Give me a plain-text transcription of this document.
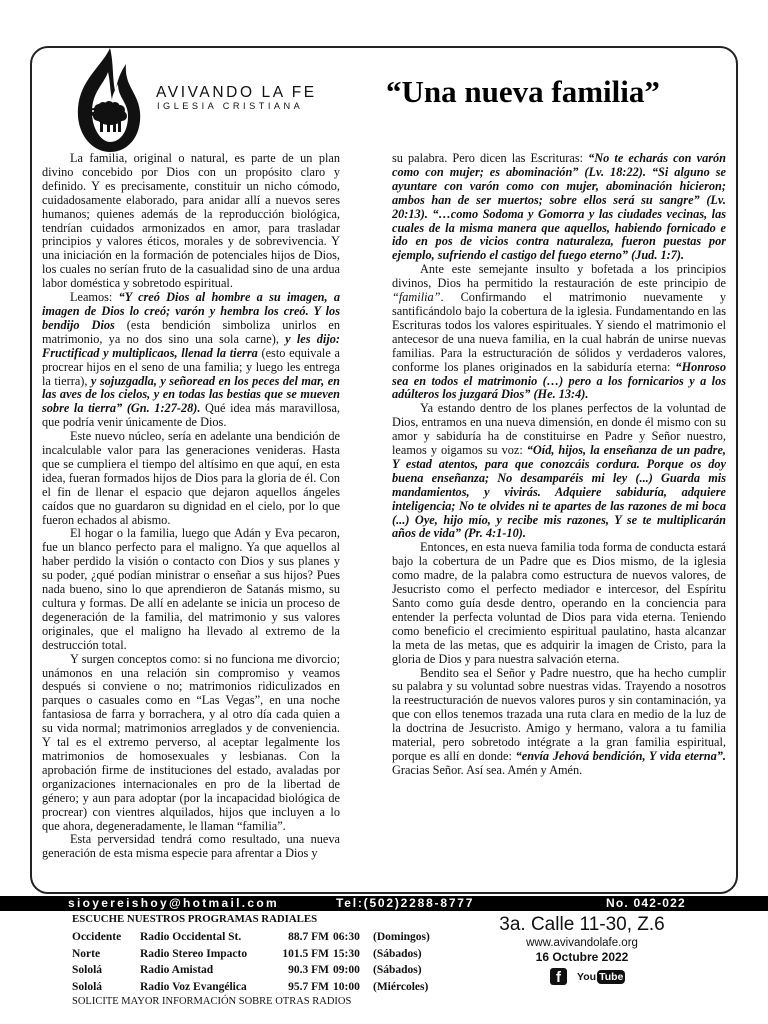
AVIVANDO LA FE
IGLESIA CRISTIANA	“Una nueva familia”

La familia, original o natural, es parte de un plan divino concebido por Dios con un propósito claro y definido. Y es precisamente, constituir un nicho cómodo, cuidadosamente elaborado, para anidar allí a nuevos seres humanos; quienes además de la reproducción biológica, tendrían cuidados armonizados en amor, para trasladar principios y valores éticos, morales y de sobrevivencia. Y una iniciación en la formación de potenciales hijos de Dios, los cuales no serían fruto de la casualidad sino de una ardua labor doméstica y sobretodo espiritual.

Leamos: “Y creó Dios al hombre a su imagen, a imagen de Dios lo creó; varón y hembra los creó. Y los bendijo Dios (esta bendición simboliza unirlos en matrimonio, ya no dos sino una sola carne), y les dijo: Fructificad y multiplicaos, llenad la tierra (esto equivale a procrear hijos en el seno de una familia; y luego les entrega la tierra), y sojuzgadla, y señoread en los peces del mar, en las aves de los cielos, y en todas las bestias que se mueven sobre la tierra” (Gn. 1:27-28). Qué idea más maravillosa, que podría venir únicamente de Dios.

Este nuevo núcleo, sería en adelante una bendición de incalculable valor para las generaciones venideras. Hasta que se cumpliera el tiempo del altísimo en que aquí, en esta idea, fueran formados hijos de Dios para la gloria de él. Con el fin de llenar el espacio que dejaron aquellos ángeles caídos que no guardaron su dignidad en el cielo, por lo que fueron echados al abismo.

El hogar o la familia, luego que Adán y Eva pecaron, fue un blanco perfecto para el maligno. Ya que aquellos al haber perdido la visión o contacto con Dios y sus planes y su poder, ¿qué podían ministrar o enseñar a sus hijos? Pues nada bueno, sino lo que aprendieron de Satanás mismo, su cultura y formas. De allí en adelante se inicia un proceso de degeneración de la familia, del matrimonio y sus valores originales, que el maligno ha llevado al extremo de la destrucción total.

Y surgen conceptos como: si no funciona me divorcio; unámonos en una relación sin compromiso y veamos después si conviene o no; matrimonios ridiculizados en parques o casuales como en “Las Vegas”, en una noche fantasiosa de farra y borrachera, y al otro día cada quien a su vida normal; matrimonios arreglados y de conveniencia. Y tal es el extremo perverso, al aceptar legalmente los matrimonios de homosexuales y lesbianas. Con la aprobación firme de instituciones del estado, avaladas por organizaciones internacionales en pro de la libertad de género; y aun para adoptar (por la incapacidad biológica de procrear) con vientres alquilados, hijos que incluyen a lo que ahora, degeneradamente, le llaman “familia”.

Esta perversidad tendrá como resultado, una nueva generación de esta misma especie para afrentar a Dios y

su palabra. Pero dicen las Escrituras: “No te echarás con varón como con mujer; es abominación” (Lv. 18:22). “Si alguno se ayuntare con varón como con mujer, abominación hicieron; ambos han de ser muertos; sobre ellos será su sangre” (Lv. 20:13). “…como Sodoma y Gomorra y las ciudades vecinas, las cuales de la misma manera que aquellos, habiendo fornicado e ido en pos de vicios contra naturaleza, fueron puestas por ejemplo, sufriendo el castigo del fuego eterno” (Jud. 1:7).

Ante este semejante insulto y bofetada a los principios divinos, Dios ha permitido la restauración de este principio de “familia”. Confirmando el matrimonio nuevamente y santificándolo bajo la cobertura de la iglesia. Fundamentando en las Escrituras todos los valores espirituales. Y siendo el matrimonio el antecesor de una nueva familia, en la cual habrán de unirse nuevas familias. Para la estructuración de sólidos y verdaderos valores, conforme los planes originados en la sabiduría eterna: “Honroso sea en todos el matrimonio (…) pero a los fornicarios y a los adúlteros los juzgará Dios” (He. 13:4).

Ya estando dentro de los planes perfectos de la voluntad de Dios, entramos en una nueva dimensión, en donde él mismo con su amor y sabiduría ha de constituirse en Padre y Señor nuestro, leamos y oigamos su voz: “Oíd, hijos, la enseñanza de un padre, Y estad atentos, para que conozcáis cordura. Porque os doy buena enseñanza; No desamparéis mi ley (...) Guarda mis mandamientos, y vivirás. Adquiere sabiduría, adquiere inteligencia; No te olvides ni te apartes de las razones de mi boca (...) Oye, hijo mío, y recibe mis razones, Y se te multiplicarán años de vida” (Pr. 4:1-10).

Entonces, en esta nueva familia toda forma de conducta estará bajo la cobertura de un Padre que es Dios mismo, de la iglesia como madre, de la palabra como estructura de nuevos valores, de Jesucristo como el perfecto mediador e intercesor, del Espíritu Santo como guía desde dentro, operando en la conciencia para entender la perfecta voluntad de Dios para vida eterna. Teniendo como beneficio el crecimiento espiritual paulatino, hasta alcanzar la meta de las metas, que es adquirir la imagen de Cristo, para la gloria de Dios y para nuestra salvación eterna.

Bendito sea el Señor y Padre nuestro, que ha hecho cumplir su palabra y su voluntad sobre nuestras vidas. Trayendo a nosotros la reestructuración de nuevos valores puros y sin contaminación, ya que con ellos tenemos trazada una ruta clara en medio de la luz de la doctrina de Jesucristo. Amigo y hermano, valora a tu familia material, pero sobretodo intégrate a la gran familia espiritual, porque es allí en donde: “envía Jehová bendición, Y vida eterna”. Gracias Señor. Así sea. Amén y Amén.

sioyereishoy@hotmail.com	Tel:(502)2288-8777	No. 042-022
ESCUCHE NUESTROS PROGRAMAS RADIALES
Occidente	Radio Occidental St.	88.7 FM	06:30	(Domingos)
Norte	Radio Stereo Impacto	101.5 FM	15:30	(Sábados)
Sololá	Radio Amistad	90.3 FM	09:00	(Sábados)
Sololá	Radio Voz Evangélica	95.7 FM	10:00	(Miércoles)
SOLICITE MAYOR INFORMACIÓN SOBRE OTRAS RADIOS
3a. Calle 11-30, Z.6
www.avivandolafe.org
16 Octubre 2022
f You Tube
